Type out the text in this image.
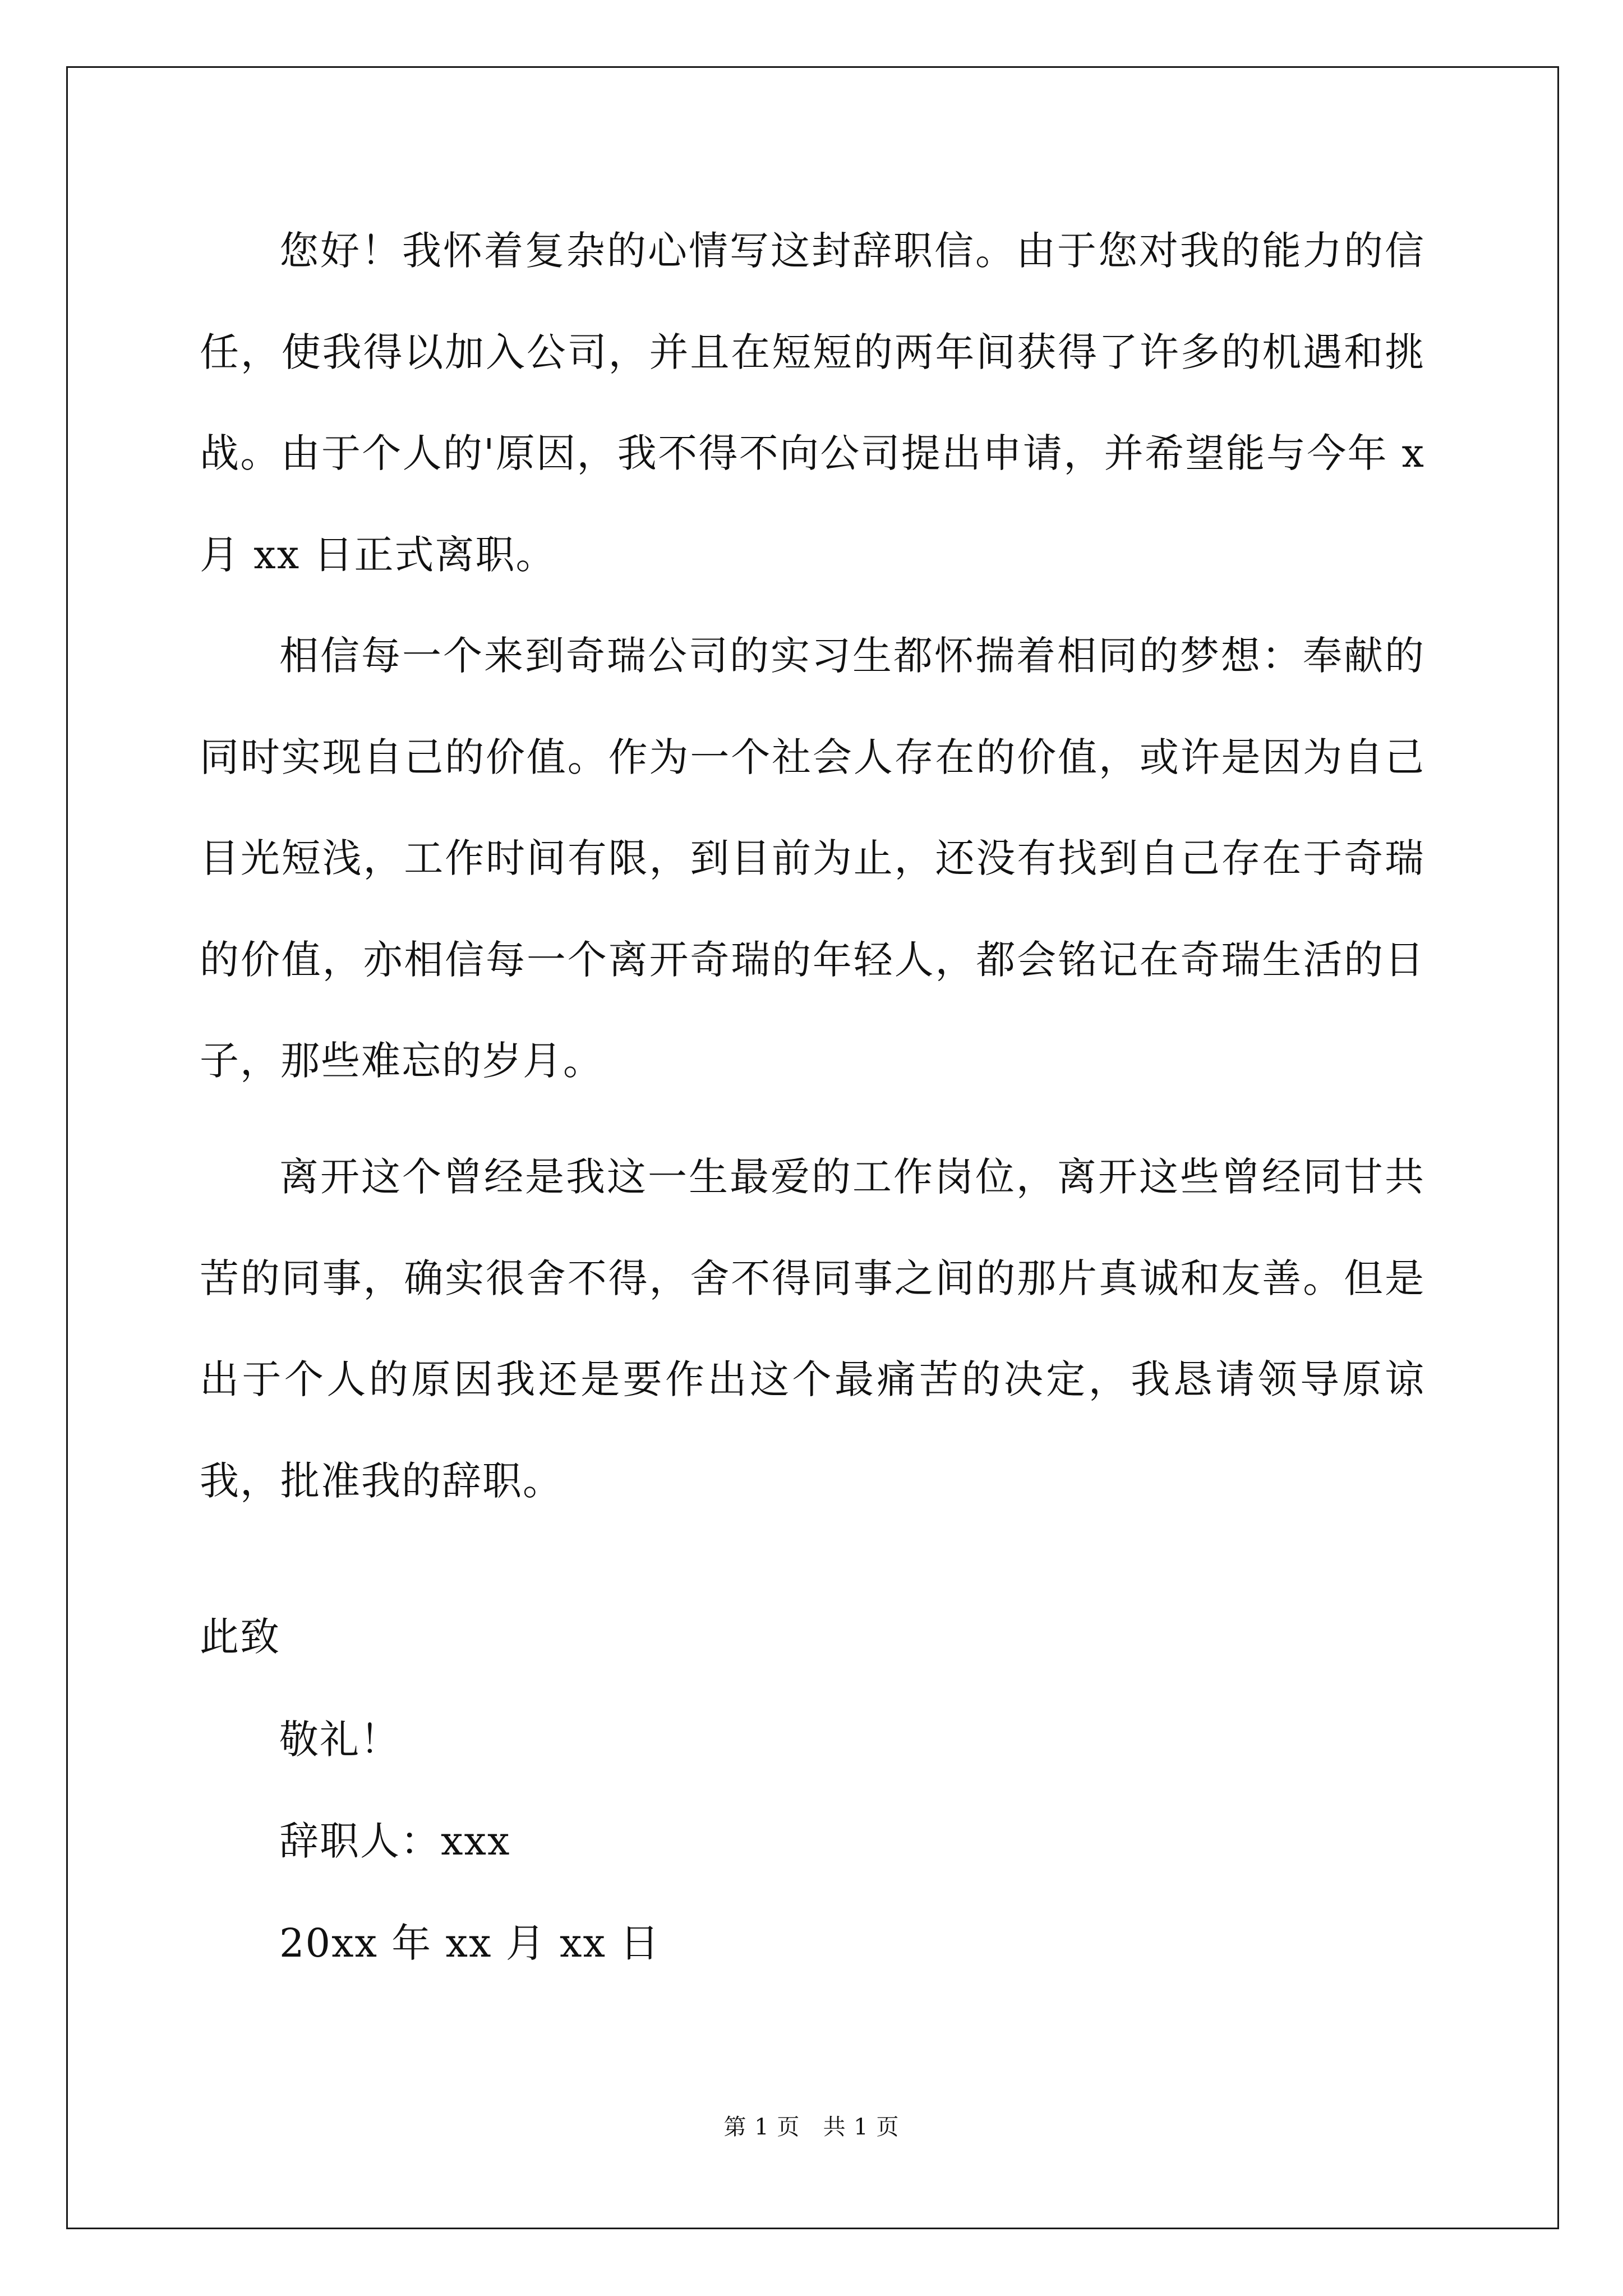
您好！我怀着复杂的心情写这封辞职信。由于您对我的能力的信任，使我得以加入公司，并且在短短的两年间获得了许多的机遇和挑战。由于个人的'原因，我不得不向公司提出申请，并希望能与今年 x 月 xx 日正式离职。

相信每一个来到奇瑞公司的实习生都怀揣着相同的梦想：奉献的同时实现自己的价值。作为一个社会人存在的价值，或许是因为自己目光短浅，工作时间有限，到目前为止，还没有找到自己存在于奇瑞的价值，亦相信每一个离开奇瑞的年轻人，都会铭记在奇瑞生活的日子，那些难忘的岁月。

离开这个曾经是我这一生最爱的工作岗位，离开这些曾经同甘共苦的同事，确实很舍不得，舍不得同事之间的那片真诚和友善。但是出于个人的原因我还是要作出这个最痛苦的决定，我恳请领导原谅我，批准我的辞职。

此致

敬礼！

辞职人：xxx

20xx 年 xx 月 xx 日

第 1 页   共 1 页
